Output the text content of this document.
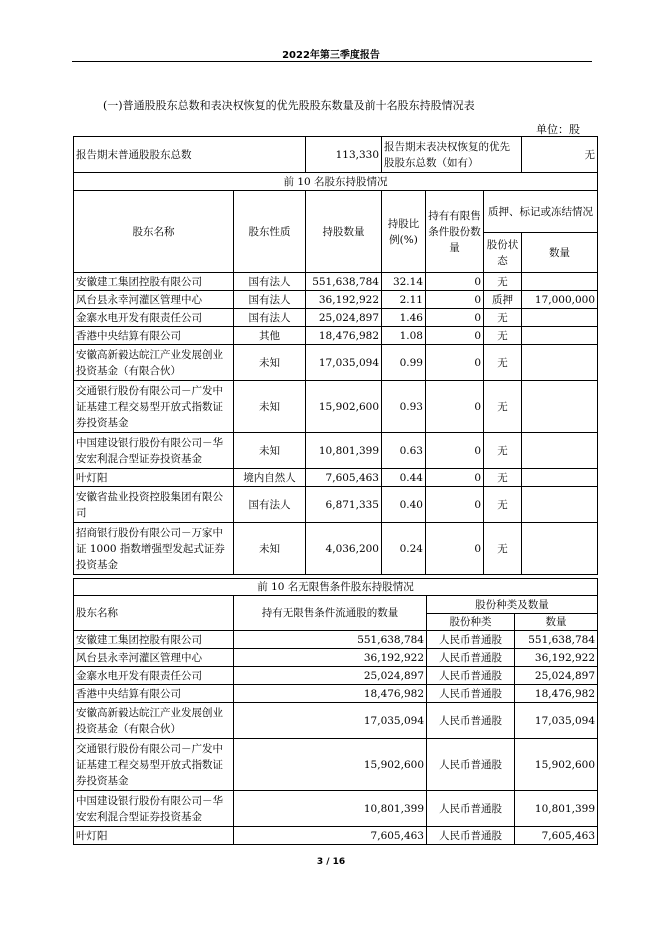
2022年第三季度报告
(一)普通股股东总数和表决权恢复的优先股股东数量及前十名股东持股情况表
单位：股
报告期末普通股股东总数		113,330	报告期末表决权恢复的优先股股东总数（如有）			无
前 10 名股东持股情况						
股东名称	股东性质	持股数量	持股比例(%)	持有有限售条件股份数量	质押、标记或冻结情况	
					股份状态	数量
安徽建工集团控股有限公司	国有法人	551,638,784	32.14	0	无	
风台县永幸河灌区管理中心	国有法人	36,192,922	2.11	0	质押	17,000,000
金寨水电开发有限责任公司	国有法人	25,024,897	1.46	0	无	
香港中央结算有限公司	其他	18,476,982	1.08	0	无	
安徽高新毅达皖江产业发展创业投资基金（有限合伙）	未知	17,035,094	0.99	0	无	
交通银行股份有限公司－广发中证基建工程交易型开放式指数证券投资基金	未知	15,902,600	0.93	0	无	
中国建设银行股份有限公司－华安宏利混合型证券投资基金	未知	10,801,399	0.63	0	无	
叶灯阳	境内自然人	7,605,463	0.44	0	无	
安徽省盐业投资控股集团有限公司	国有法人	6,871,335	0.40	0	无	
招商银行股份有限公司－万家中证 1000 指数增强型发起式证券投资基金	未知	4,036,200	0.24	0	无	
前 10 名无限售条件股东持股情况			
股东名称	持有无限售条件流通股的数量	股份种类及数量	
		股份种类	数量
安徽建工集团控股有限公司	551,638,784	人民币普通股	551,638,784
风台县永幸河灌区管理中心	36,192,922	人民币普通股	36,192,922
金寨水电开发有限责任公司	25,024,897	人民币普通股	25,024,897
香港中央结算有限公司	18,476,982	人民币普通股	18,476,982
安徽高新毅达皖江产业发展创业投资基金（有限合伙）	17,035,094	人民币普通股	17,035,094
交通银行股份有限公司－广发中证基建工程交易型开放式指数证券投资基金	15,902,600	人民币普通股	15,902,600
中国建设银行股份有限公司－华安宏利混合型证券投资基金	10,801,399	人民币普通股	10,801,399
叶灯阳	7,605,463	人民币普通股	7,605,463
3 / 16
